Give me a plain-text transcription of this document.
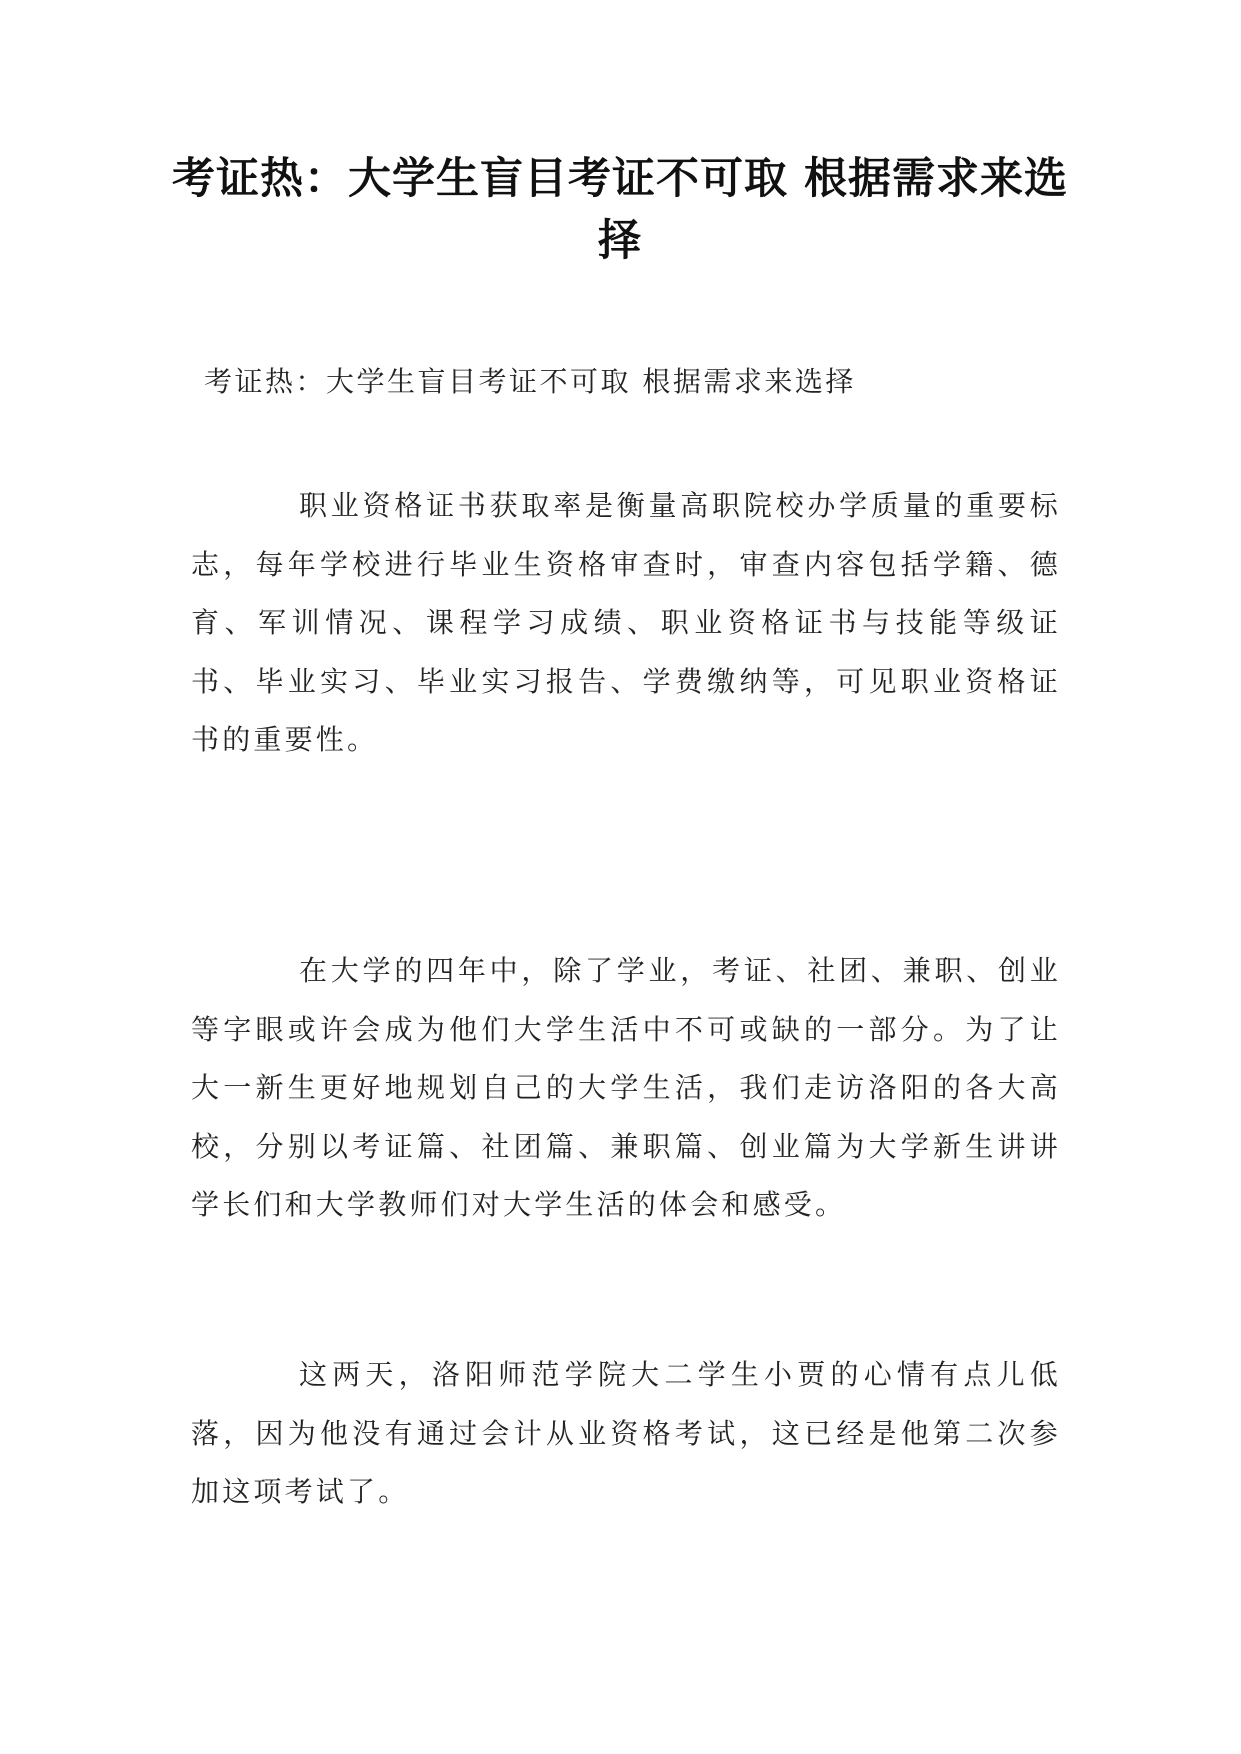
考证热：大学生盲目考证不可取 根据需求来选择

考证热：大学生盲目考证不可取 根据需求来选择

职业资格证书获取率是衡量高职院校办学质量的重要标志，每年学校进行毕业生资格审查时，审查内容包括学籍、德育、军训情况、课程学习成绩、职业资格证书与技能等级证书、毕业实习、毕业实习报告、学费缴纳等，可见职业资格证书的重要性。

在大学的四年中，除了学业，考证、社团、兼职、创业等字眼或许会成为他们大学生活中不可或缺的一部分。为了让大一新生更好地规划自己的大学生活，我们走访洛阳的各大高校，分别以考证篇、社团篇、兼职篇、创业篇为大学新生讲讲学长们和大学教师们对大学生活的体会和感受。

这两天，洛阳师范学院大二学生小贾的心情有点儿低落，因为他没有通过会计从业资格考试，这已经是他第二次参加这项考试了。
